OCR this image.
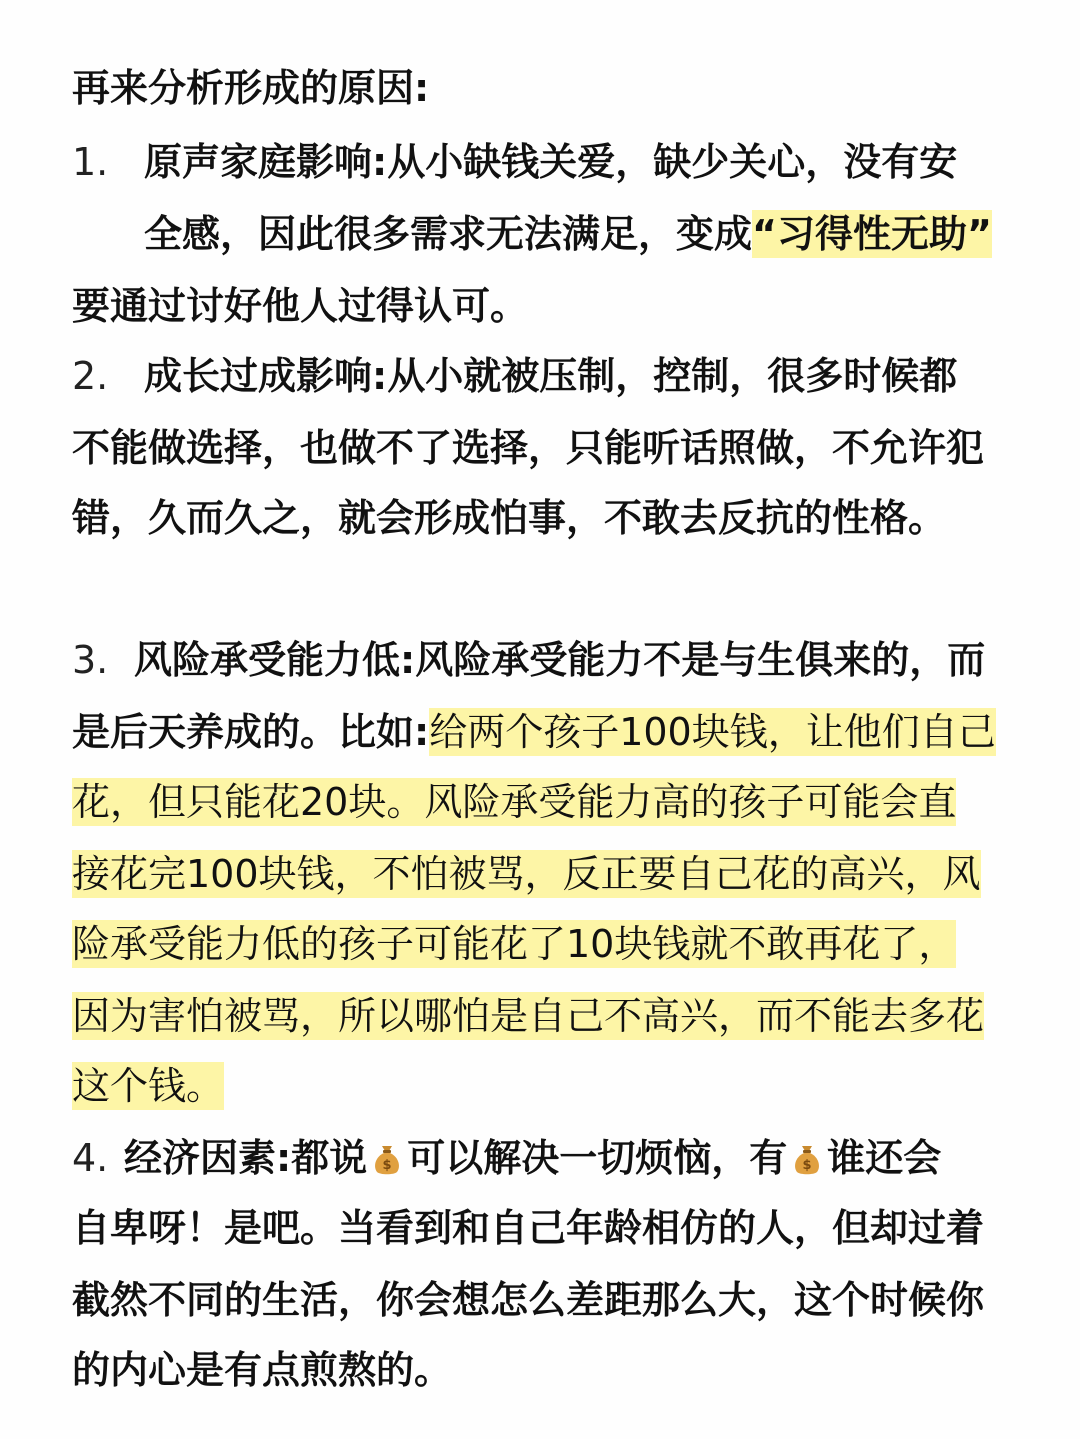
再来分析形成的原因:
1. 原声家庭影响:从小缺钱关爱，缺少关心，没有安
全感，因此很多需求无法满足，变成“习得性无助”
要通过讨好他人过得认可。
2. 成长过成影响:从小就被压制，控制，很多时候都
不能做选择，也做不了选择，只能听话照做，不允许犯
错，久而久之，就会形成怕事，不敢去反抗的性格。
3. 风险承受能力低:风险承受能力不是与生俱来的，而
是后天养成的。比如:给两个孩子100块钱，让他们自己
花，但只能花20块。风险承受能力高的孩子可能会直
接花完100块钱，不怕被骂，反正要自己花的高兴，风
险承受能力低的孩子可能花了10块钱就不敢再花了，
因为害怕被骂，所以哪怕是自己不高兴，而不能去多花
这个钱。
4. 经济因素:都说 $ 可以解决一切烦恼，有 $ 谁还会
自卑呀！是吧。当看到和自己年龄相仿的人，但却过着
截然不同的生活，你会想怎么差距那么大，这个时候你
的内心是有点煎熬的。
